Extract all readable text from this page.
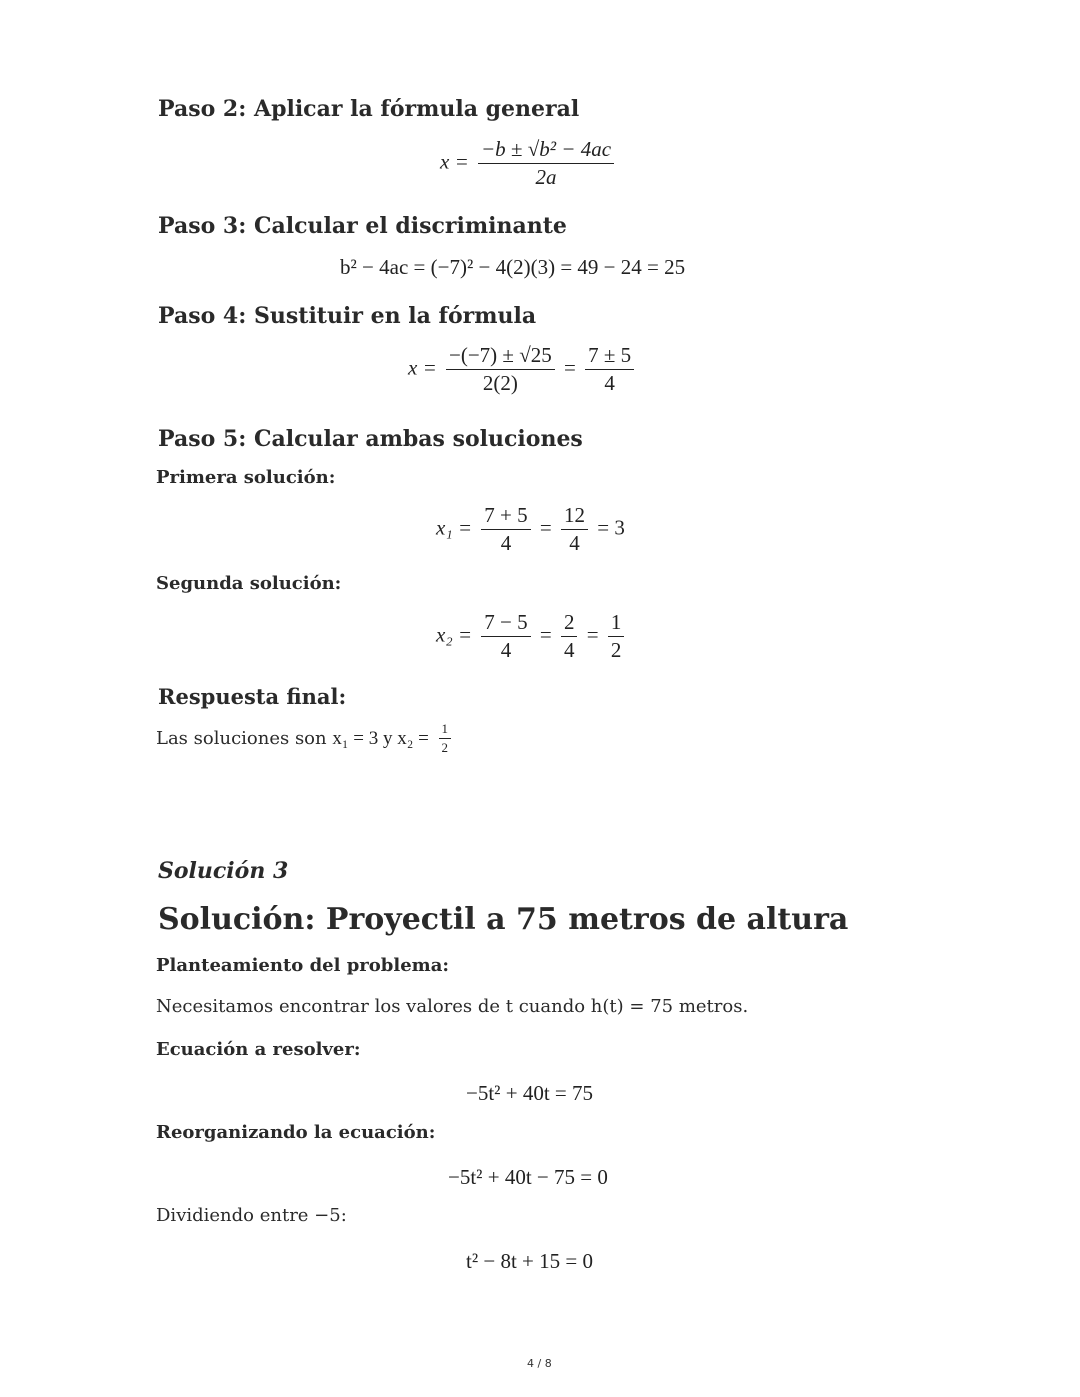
Paso 2: Aplicar la fórmula general
$x = \frac{\text{−b ± √b² − 4ac}}{2a}$
Paso 3: Calcular el discriminante
b² − 4ac = (−7)² − 4(2)(3) = 49 − 24 = 25
Paso 4: Sustituir en la fórmula
$x = \frac{-(-7) \pm √25}{2(2)} = \frac{7 \pm 5}{4}$
Paso 5: Calcular ambas soluciones
Primera solución:
$x_1 = \frac{7 + 5}{4} = \frac{12}{4} = 3$
Segunda solución:
$x_2 = \frac{7 - 5}{4} = \frac{2}{4} = \frac{1}{2}$
Respuesta final:
Las soluciones son x₁ = 3 y $x_2 = \frac{1}{2}$
Solución 3
Solución: Proyectil a 75 metros de altura
Planteamiento del problema:
Necesitamos encontrar los valores de t cuando h(t) = 75 metros.
Ecuación a resolver:
−5t² + 40t = 75
Reorganizando la ecuación:
−5t² + 40t − 75 = 0
Dividiendo entre −5:
t² − 8t + 15 = 0
4 / 8
